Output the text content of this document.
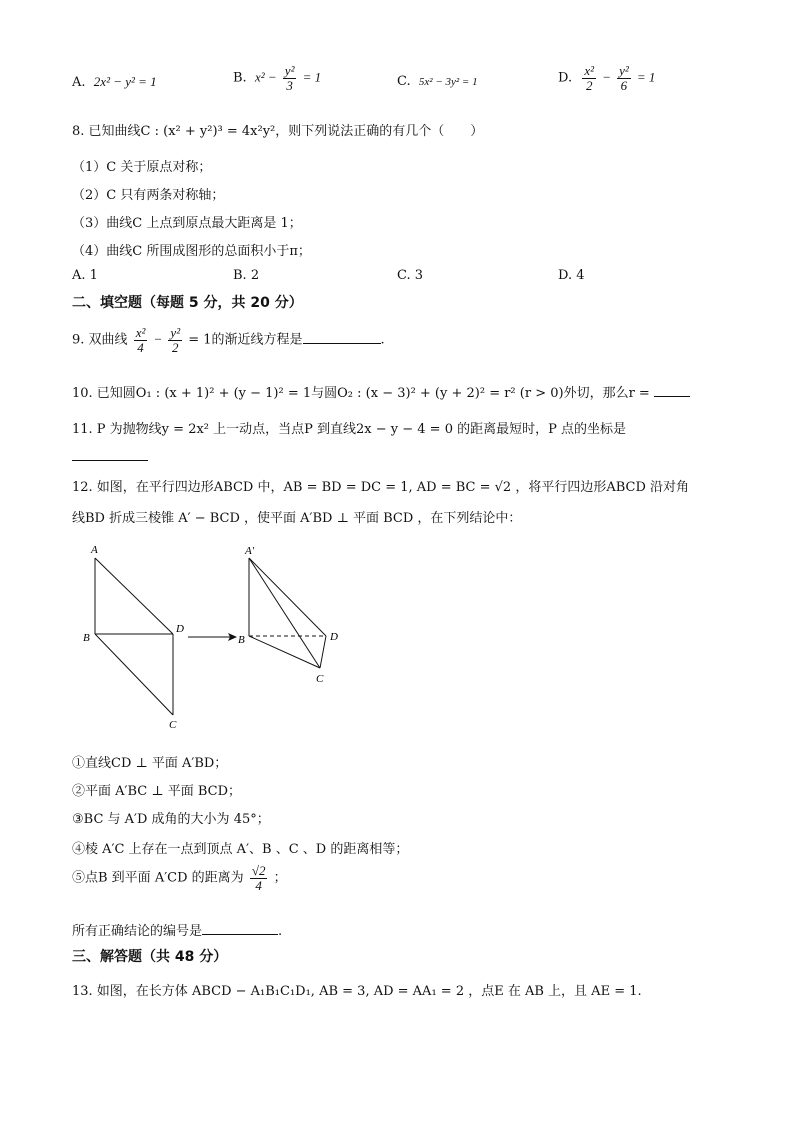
A. 2x² − y² = 1	B. $x^2 - \frac{\text{y²}}{3} = 1$	C. 5x² − 3y² = 1	D. $\frac{\text{x²}}{2} - \frac{\text{y²}}{6} = 1$
8. 已知曲线C : (x² + y²)³ = 4x²y²，则下列说法正确的有几个（　　）
（1）C 关于原点对称；
（2）C 只有两条对称轴；
（3）曲线C 上点到原点最大距离是 1；
（4）曲线C 所围成图形的总面积小于π；
A. 1	B. 2	C. 3	D. 4
二、填空题（每题 5 分，共 20 分）
9. 双曲线 $\frac{\text{x²}}{4} - \frac{\text{y²}}{2} = 1$的渐近线方程是	.
10. 已知圆O₁ : (x + 1)² + (y − 1)² = 1与圆O₂ : (x − 3)² + (y + 2)² = r² (r > 0)外切，那么r =
11. P 为抛物线y = 2x² 上一动点，当点P 到直线2x − y − 4 = 0 的距离最短时，P 点的坐标是
12. 如图，在平行四边形ABCD 中，AB = BD = DC = 1, AD = BC = √2 ，将平行四边形ABCD 沿对角
线BD 折成三棱锥 A′ − BCD ，使平面 A′BD ⊥ 平面 BCD ，在下列结论中：
A
B
D
C
A′
B	D
C
①直线CD ⊥ 平面 A′BD；
②平面 A′BC ⊥ 平面 BCD；
③BC 与 A′D 成角的大小为 45°；
④棱 A′C 上存在一点到顶点 A′、B 、C 、D 的距离相等；
⑤点B 到平面 A′CD 的距离为 $\frac{√2}{4}$ ；
所有正确结论的编号是	.
三、解答题（共 48 分）
13. 如图，在长方体 ABCD − A₁B₁C₁D₁, AB = 3, AD = AA₁ = 2 ，点E 在 AB 上，且 AE = 1.
